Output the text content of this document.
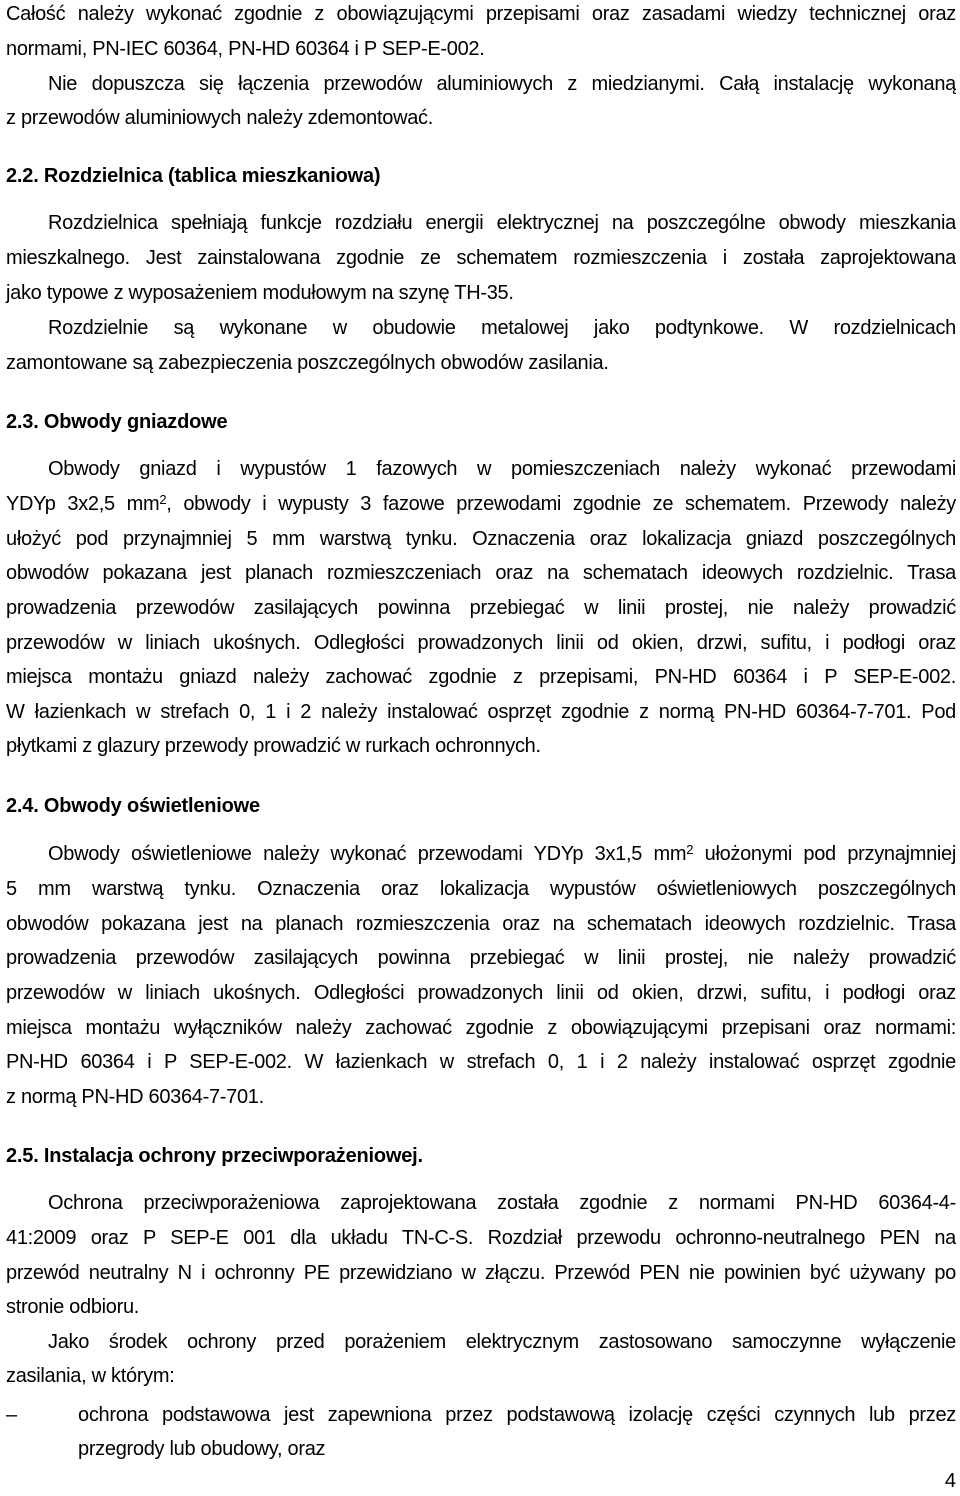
Całość należy wykonać zgodnie z obowiązującymi przepisami oraz zasadami wiedzy technicznej oraz
normami, PN-IEC 60364, PN-HD 60364 i P SEP-E-002.
Nie dopuszcza się łączenia przewodów aluminiowych z miedzianymi. Całą instalację wykonaną
z przewodów aluminiowych należy zdemontować.
2.2. Rozdzielnica (tablica mieszkaniowa)
Rozdzielnica spełniają funkcje rozdziału energii elektrycznej na poszczególne obwody mieszkania
mieszkalnego. Jest zainstalowana zgodnie ze schematem rozmieszczenia i została zaprojektowana
jako typowe z wyposażeniem modułowym na szynę TH-35.
Rozdzielnie są wykonane w obudowie metalowej jako podtynkowe. W rozdzielnicach
zamontowane są zabezpieczenia poszczególnych obwodów zasilania.
2.3. Obwody gniazdowe
Obwody gniazd i wypustów 1 fazowych w pomieszczeniach należy wykonać przewodami
YDYp 3x2,5 $mm^2$, obwody i wypusty 3 fazowe przewodami zgodnie ze schematem. Przewody należy
ułożyć pod przynajmniej 5 mm warstwą tynku. Oznaczenia oraz lokalizacja gniazd poszczególnych
obwodów pokazana jest planach rozmieszczeniach oraz na schematach ideowych rozdzielnic. Trasa
prowadzenia przewodów zasilających powinna przebiegać w linii prostej, nie należy prowadzić
przewodów w liniach ukośnych. Odległości prowadzonych linii od okien, drzwi, sufitu, i podłogi oraz
miejsca montażu gniazd należy zachować zgodnie z przepisami, PN-HD 60364 i P SEP-E-002.
W łazienkach w strefach 0, 1 i 2 należy instalować osprzęt zgodnie z normą PN-HD 60364-7-701. Pod
płytkami z glazury przewody prowadzić w rurkach ochronnych.
2.4. Obwody oświetleniowe
Obwody oświetleniowe należy wykonać przewodami YDYp 3x1,5 $mm^2$ ułożonymi pod przynajmniej
5 mm warstwą tynku. Oznaczenia oraz lokalizacja wypustów oświetleniowych poszczególnych
obwodów pokazana jest na planach rozmieszczenia oraz na schematach ideowych rozdzielnic. Trasa
prowadzenia przewodów zasilających powinna przebiegać w linii prostej, nie należy prowadzić
przewodów w liniach ukośnych. Odległości prowadzonych linii od okien, drzwi, sufitu, i podłogi oraz
miejsca montażu wyłączników należy zachować zgodnie z obowiązującymi przepisani oraz normami:
PN-HD 60364 i P SEP-E-002. W łazienkach w strefach 0, 1 i 2 należy instalować osprzęt zgodnie
z normą PN-HD 60364-7-701.
2.5. Instalacja ochrony przeciwporażeniowej.
Ochrona przeciwporażeniowa zaprojektowana została zgodnie z normami PN-HD 60364-4-
41:2009 oraz P SEP-E 001 dla układu TN-C-S. Rozdział przewodu ochronno-neutralnego PEN na
przewód neutralny N i ochronny PE przewidziano w złączu. Przewód PEN nie powinien być używany po
stronie odbioru.
Jako środek ochrony przed porażeniem elektrycznym zastosowano samoczynne wyłączenie
zasilania, w którym:
–	ochrona podstawowa jest zapewniona przez podstawową izolację części czynnych lub przez
przegrody lub obudowy, oraz
4
